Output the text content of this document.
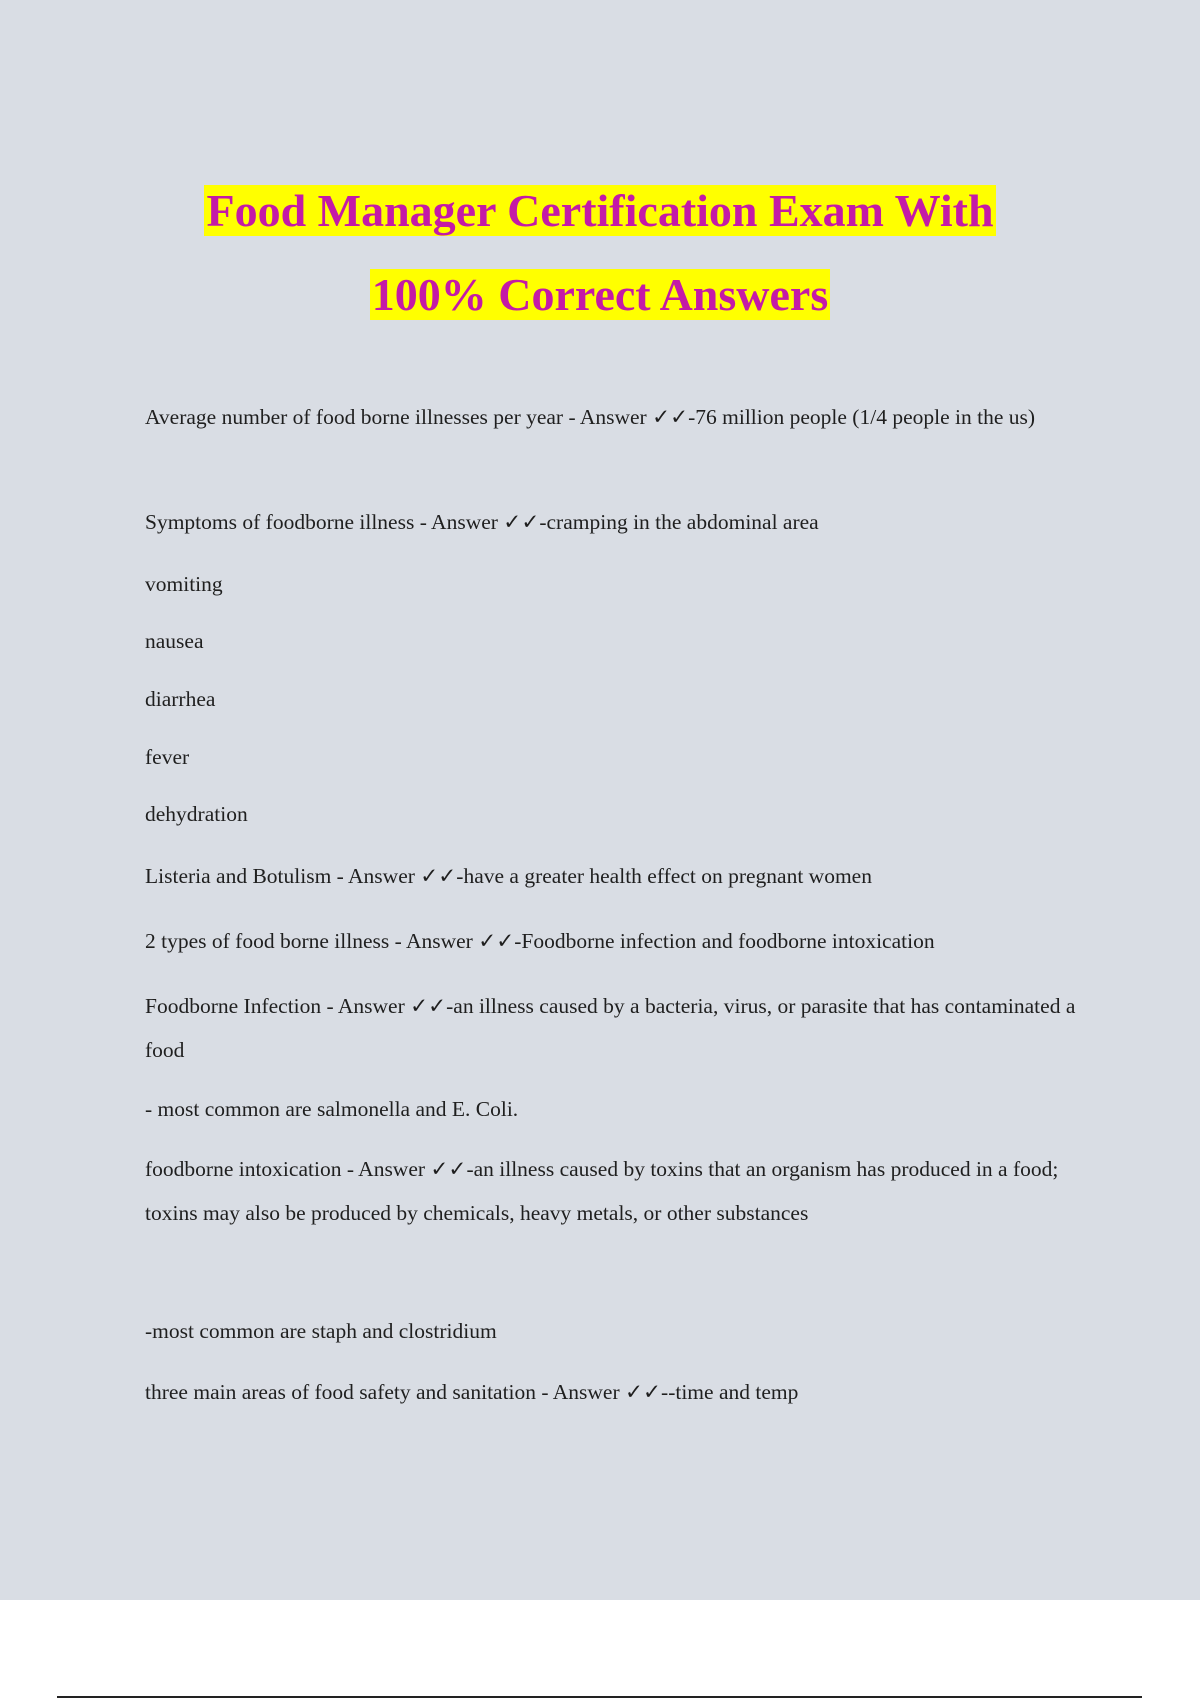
Food Manager Certification Exam With
100% Correct Answers

Average number of food borne illnesses per year - Answer ✓✓-76 million people (1/4 people in the us)

Symptoms of foodborne illness - Answer ✓✓-cramping in the abdominal area

vomiting

nausea

diarrhea

fever

dehydration

Listeria and Botulism - Answer ✓✓-have a greater health effect on pregnant women

2 types of food borne illness - Answer ✓✓-Foodborne infection and foodborne intoxication

Foodborne Infection - Answer ✓✓-an illness caused by a bacteria, virus, or parasite that has contaminated a food

- most common are salmonella and E. Coli.

foodborne intoxication - Answer ✓✓-an illness caused by toxins that an organism has produced in a food; toxins may also be produced by chemicals, heavy metals, or other substances

-most common are staph and clostridium

three main areas of food safety and sanitation - Answer ✓✓--time and temp
